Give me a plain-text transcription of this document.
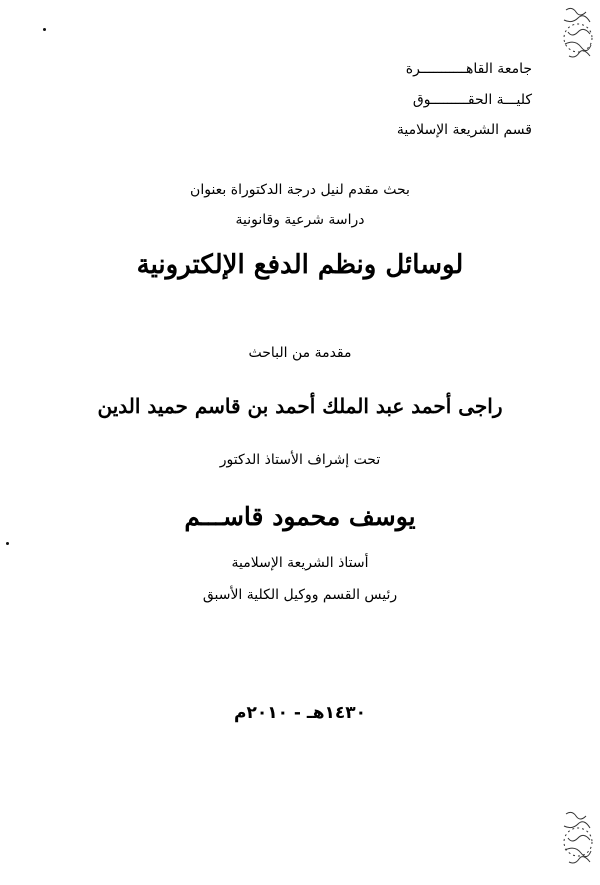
جامعة القاهـــــــــــرة
كليـــة الحقـــــــــوق
قسم الشريعة الإسلامية
بحث مقدم لنيل درجة الدكتوراة بعنوان
دراسة شرعية وقانونية
لوسائل ونظم الدفع الإلكترونية
مقدمة من الباحث
راجى أحمد عبد الملك أحمد بن قاسم حميد الدين
تحت إشراف الأستاذ الدكتور
يوسف محمود قاســـم
أستاذ الشريعة الإسلامية
رئيس القسم ووكيل الكلية الأسبق
١٤٣٠هـ - ٢٠١٠م
